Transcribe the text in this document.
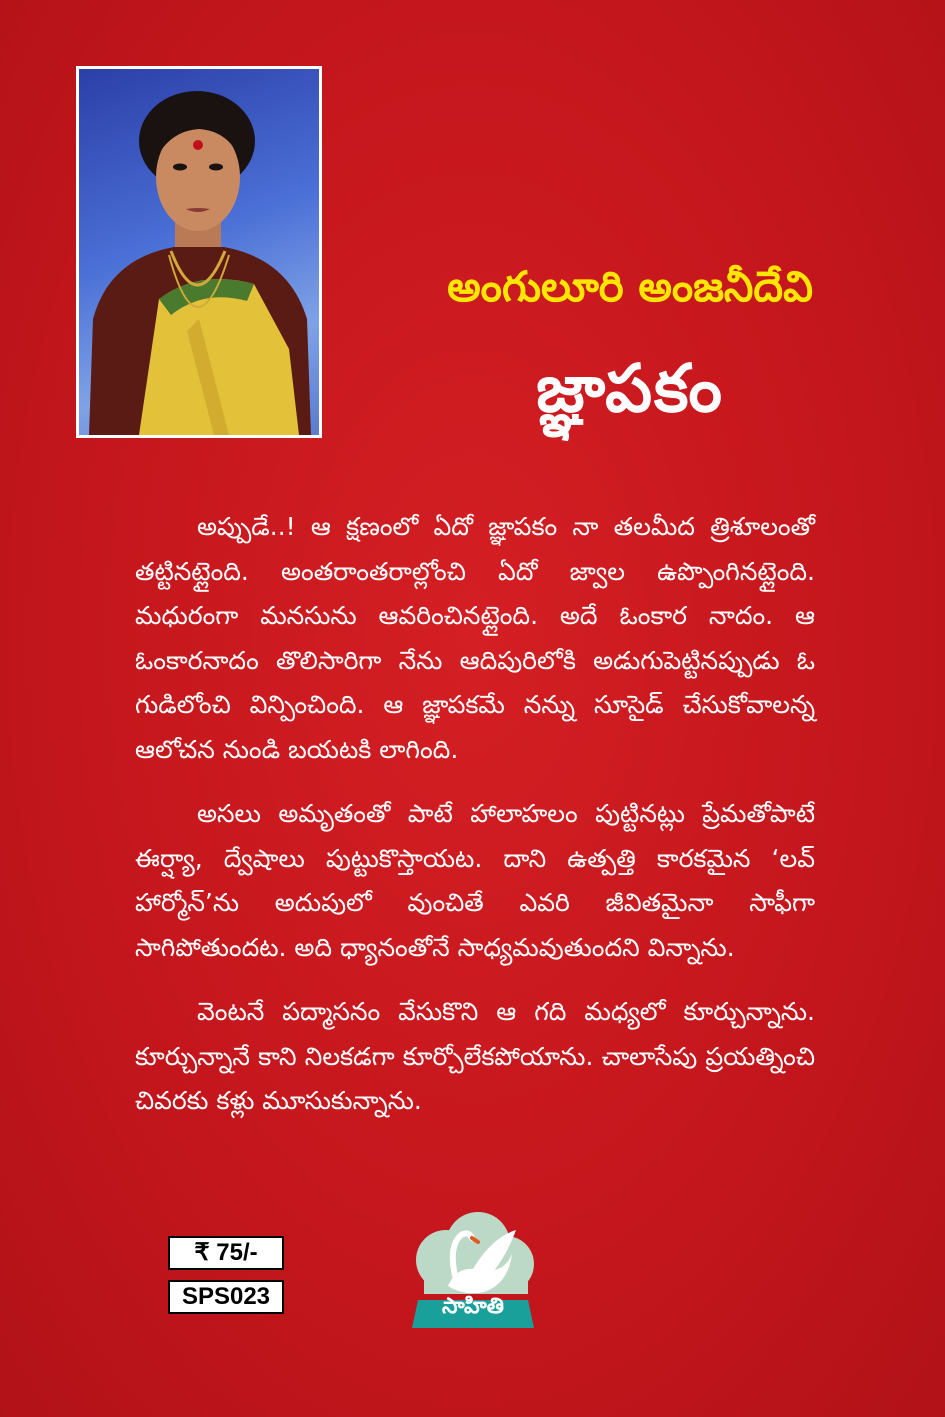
అంగులూరి అంజనీదేవి
జ్ఞాపకం

అప్పుడే..! ఆ క్షణంలో ఏదో జ్ఞాపకం నా తలమీద త్రిశూలంతో తట్టినట్లైంది. అంతరాంతరాల్లోంచి ఏదో జ్వాల ఉప్పొంగినట్లైంది. మధురంగా మనసును ఆవరించినట్లైంది. అదే ఓంకార నాదం. ఆ ఓంకారనాదం తొలిసారిగా నేను ఆదిపురిలోకి అడుగుపెట్టినప్పుడు ఓ గుడిలోంచి విన్పించింది. ఆ జ్ఞాపకమే నన్ను సూసైడ్ చేసుకోవాలన్న ఆలోచన నుండి బయటకి లాగింది.

అసలు అమృతంతో పాటే హాలాహలం పుట్టినట్లు ప్రేమతోపాటే ఈర్ష్యా, ద్వేషాలు పుట్టుకొస్తాయట. దాని ఉత్పత్తి కారకమైన ‘లవ్ హార్మోన్’ను అదుపులో వుంచితే ఎవరి జీవితమైనా సాఫీగా సాగిపోతుందట. అది ధ్యానంతోనే సాధ్యమవుతుందని విన్నాను.

వెంటనే పద్మాసనం వేసుకొని ఆ గది మధ్యలో కూర్చున్నాను. కూర్చున్నానే కాని నిలకడగా కూర్చోలేకపోయాను. చాలాసేపు ప్రయత్నించి చివరకు కళ్లు మూసుకున్నాను.

₹ 75/-
SPS023	సాహితి
